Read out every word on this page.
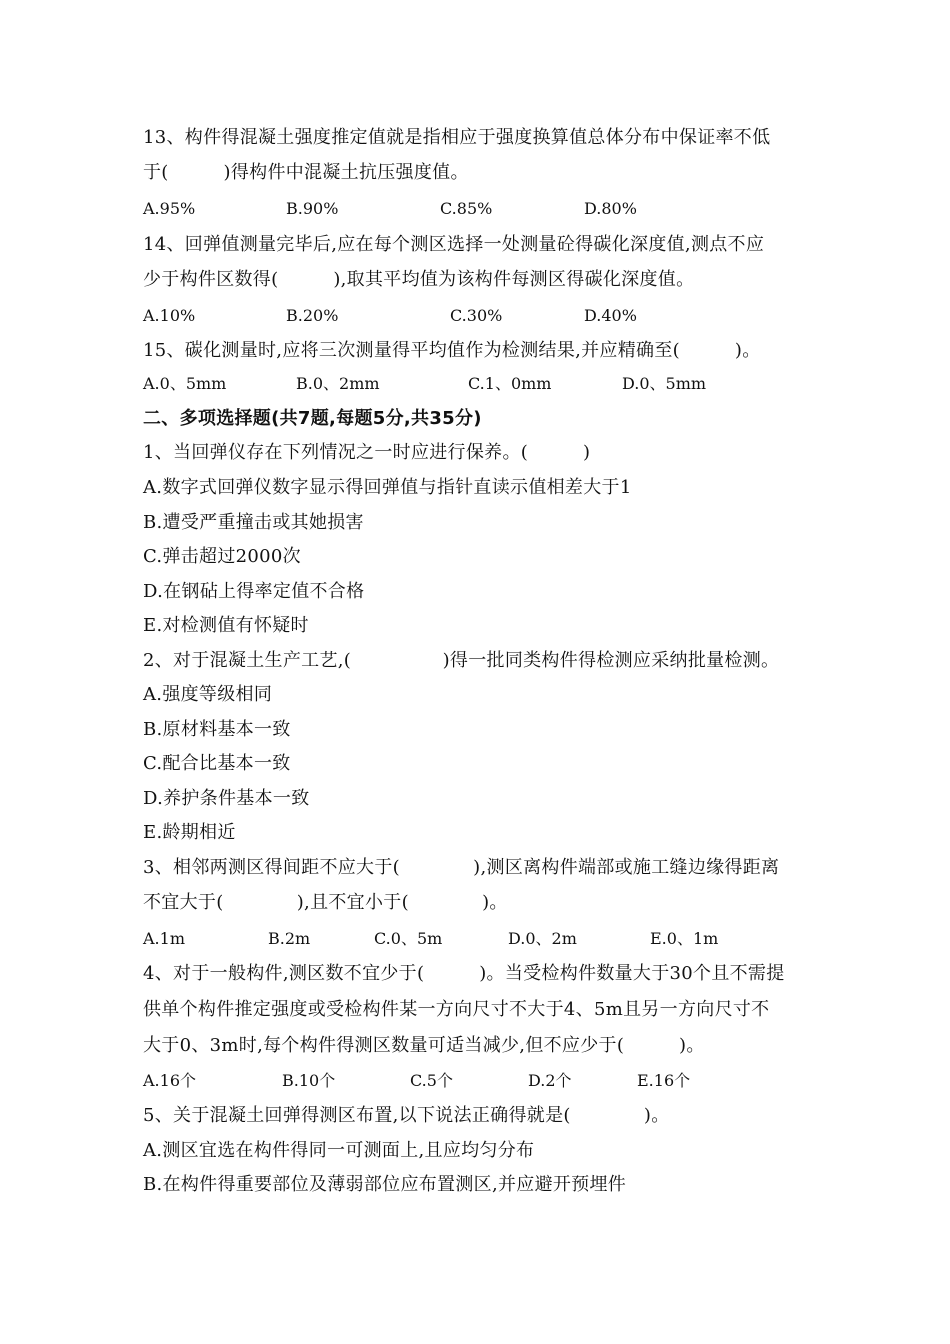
13、构件得混凝土强度推定值就是指相应于强度换算值总体分布中保证率不低
于(　　　)得构件中混凝土抗压强度值。
A.95%	B.90%	C.85%	D.80%
14、回弹值测量完毕后,应在每个测区选择一处测量砼得碳化深度值,测点不应
少于构件区数得(　　　),取其平均值为该构件每测区得碳化深度值。
A.10%	B.20%	C.30%	D.40%
15、碳化测量时,应将三次测量得平均值作为检测结果,并应精确至(　　　)。
A.0、5mm	B.0、2mm	C.1、0mm	D.0、5mm
二、多项选择题(共7题,每题5分,共35分)
1、当回弹仪存在下列情况之一时应进行保养。(　　　)
A.数字式回弹仪数字显示得回弹值与指针直读示值相差大于1
B.遭受严重撞击或其她损害
C.弹击超过2000次
D.在钢砧上得率定值不合格
E.对检测值有怀疑时
2、对于混凝土生产工艺,(　　　　　)得一批同类构件得检测应采纳批量检测。
A.强度等级相同
B.原材料基本一致
C.配合比基本一致
D.养护条件基本一致
E.龄期相近
3、相邻两测区得间距不应大于(　　　　),测区离构件端部或施工缝边缘得距离
不宜大于(　　　　),且不宜小于(　　　　)。
A.1m	B.2m	C.0、5m	D.0、2m	E.0、1m
4、对于一般构件,测区数不宜少于(　　　)。当受检构件数量大于30个且不需提
供单个构件推定强度或受检构件某一方向尺寸不大于4、5m且另一方向尺寸不
大于0、3m时,每个构件得测区数量可适当减少,但不应少于(　　　)。
A.16个	B.10个	C.5个	D.2个	E.16个
5、关于混凝土回弹得测区布置,以下说法正确得就是(　　　　)。
A.测区宜选在构件得同一可测面上,且应均匀分布
B.在构件得重要部位及薄弱部位应布置测区,并应避开预埋件
